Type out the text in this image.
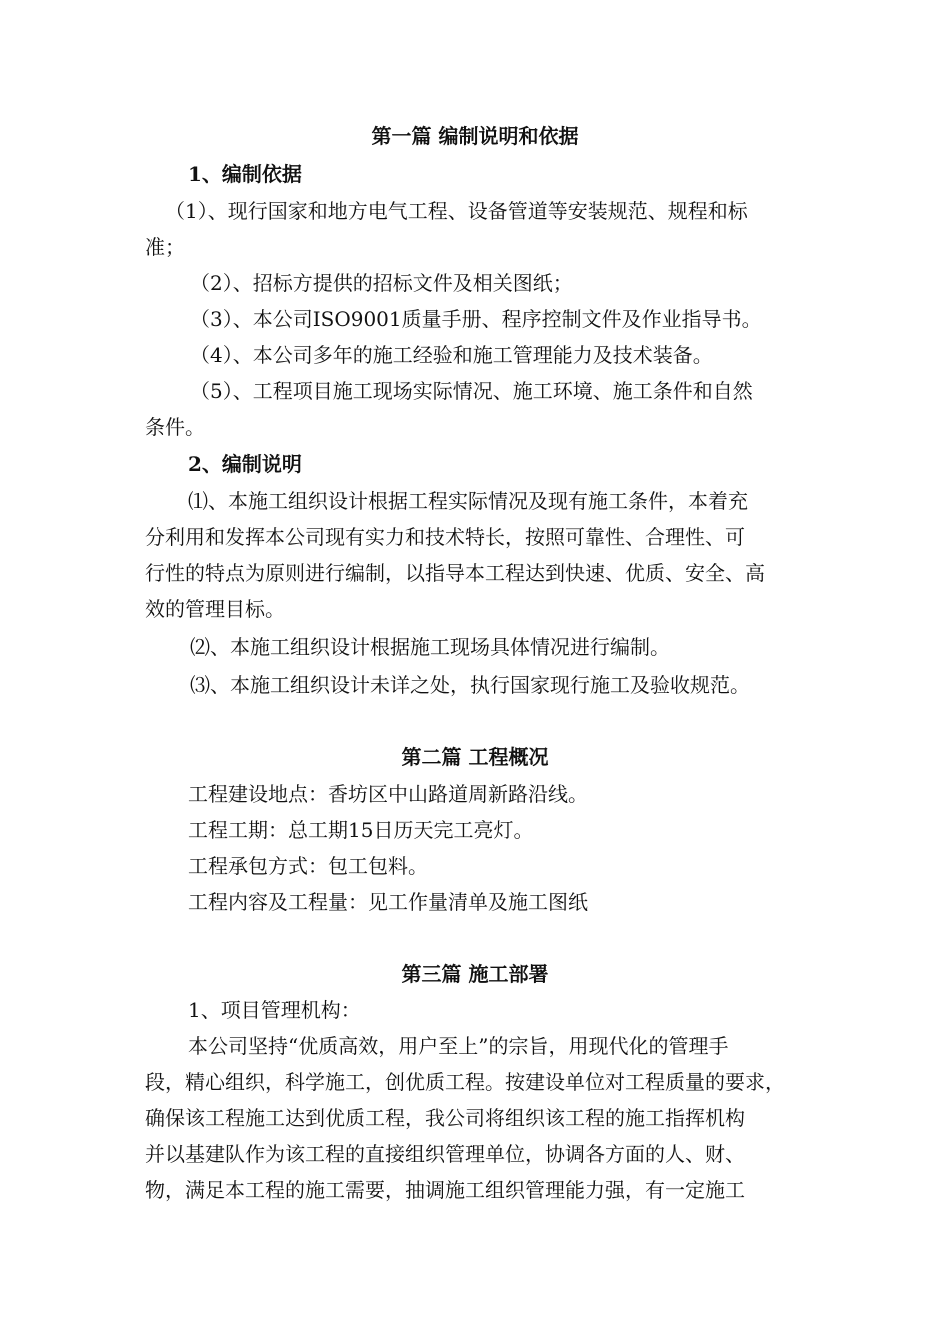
第一篇 编制说明和依据
1、编制依据
（1）、现行国家和地方电气工程、设备管道等安装规范、规程和标
准；
（2）、招标方提供的招标文件及相关图纸；
（3）、本公司ISO9001质量手册、程序控制文件及作业指导书。
（4）、本公司多年的施工经验和施工管理能力及技术装备。
（5）、工程项目施工现场实际情况、施工环境、施工条件和自然
条件。
2、编制说明
⑴、本施工组织设计根据工程实际情况及现有施工条件，本着充
分利用和发挥本公司现有实力和技术特长，按照可靠性、合理性、可
行性的特点为原则进行编制，以指导本工程达到快速、优质、安全、高
效的管理目标。
⑵、本施工组织设计根据施工现场具体情况进行编制。
⑶、本施工组织设计未详之处，执行国家现行施工及验收规范。
第二篇 工程概况
工程建设地点：香坊区中山路道周新路沿线。
工程工期：总工期15日历天完工亮灯。
工程承包方式：包工包料。
工程内容及工程量：见工作量清单及施工图纸
第三篇 施工部署
1、项目管理机构：
本公司坚持“优质高效，用户至上”的宗旨，用现代化的管理手
段，精心组织，科学施工，创优质工程。按建设单位对工程质量的要求，
确保该工程施工达到优质工程，我公司将组织该工程的施工指挥机构
并以基建队作为该工程的直接组织管理单位，协调各方面的人、财、
物，满足本工程的施工需要，抽调施工组织管理能力强，有一定施工
